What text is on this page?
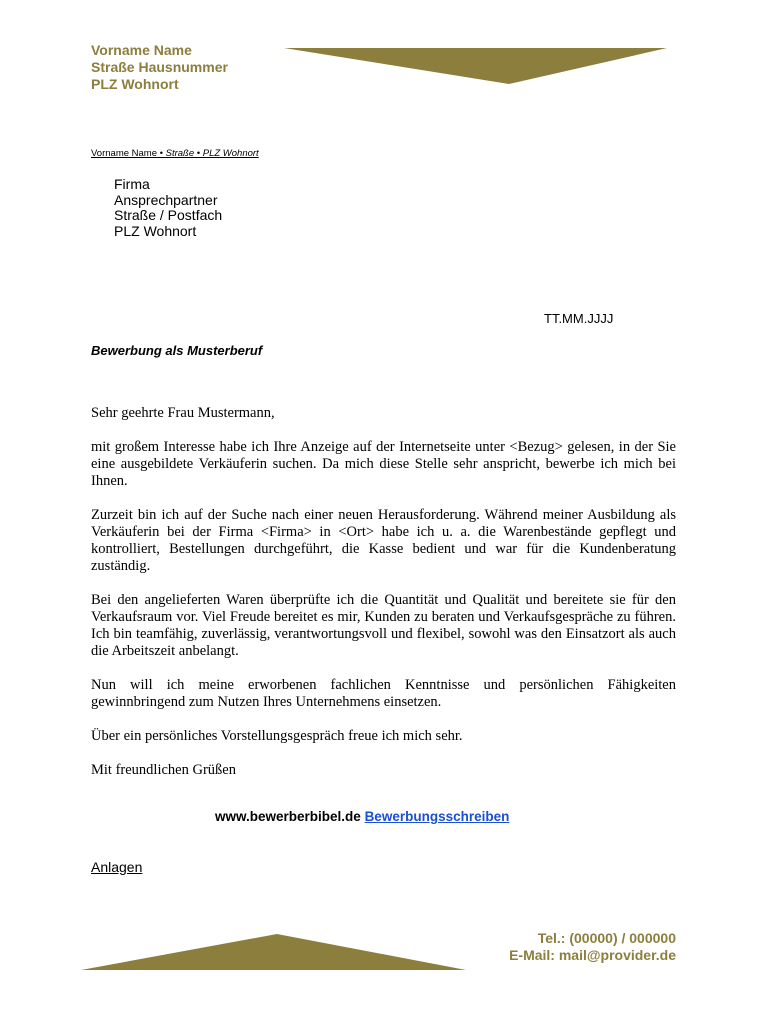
Vorname Name
Straße Hausnummer
PLZ Wohnort
Vorname Name • Straße • PLZ Wohnort
Firma
Ansprechpartner
Straße / Postfach
PLZ Wohnort
TT.MM.JJJJ
Bewerbung als Musterberuf

Sehr geehrte Frau Mustermann,

mit großem Interesse habe ich Ihre Anzeige auf der Internetseite unter <Bezug> gelesen, in der Sie eine ausgebildete Verkäuferin suchen. Da mich diese Stelle sehr anspricht, bewerbe ich mich bei Ihnen.

Zurzeit bin ich auf der Suche nach einer neuen Herausforderung. Während meiner Ausbildung als Verkäuferin bei der Firma <Firma> in <Ort> habe ich u. a. die Warenbestände gepflegt und kontrolliert, Bestellungen durchgeführt, die Kasse bedient und war für die Kundenberatung zuständig.

Bei den angelieferten Waren überprüfte ich die Quantität und Qualität und bereitete sie für den Verkaufsraum vor. Viel Freude bereitet es mir, Kunden zu beraten und Verkaufsgespräche zu führen. Ich bin teamfähig, zuverlässig, verantwortungsvoll und flexibel, sowohl was den Einsatzort als auch die Arbeitszeit anbelangt.

Nun will ich meine erworbenen fachlichen Kenntnisse und persönlichen Fähigkeiten gewinnbringend zum Nutzen Ihres Unternehmens einsetzen.

Über ein persönliches Vorstellungsgespräch freue ich mich sehr.

Mit freundlichen Grüßen

www.bewerberbibel.de Bewerbungsschreiben
Anlagen
Tel.: (00000) / 000000
E-Mail: mail@provider.de
